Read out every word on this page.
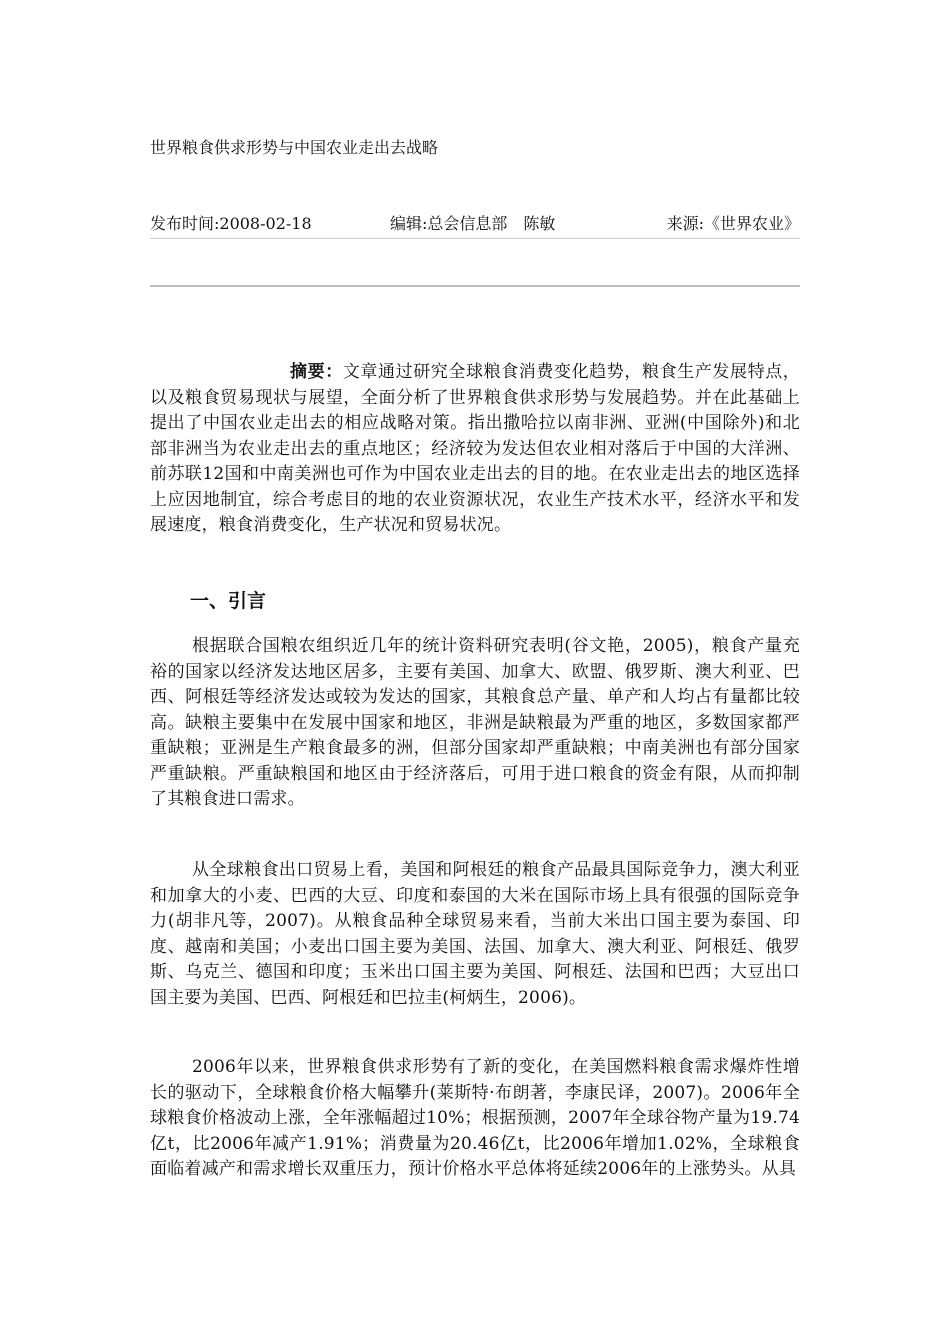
世界粮食供求形势与中国农业走出去战略
发布时间:2008-02-18	编辑:总会信息部　陈敏	来源:《世界农业》
摘要：文章通过研究全球粮食消费变化趋势，粮食生产发展特点，以及粮食贸易现状与展望，全面分析了世界粮食供求形势与发展趋势。并在此基础上提出了中国农业走出去的相应战略对策。指出撒哈拉以南非洲、亚洲(中国除外)和北部非洲当为农业走出去的重点地区；经济较为发达但农业相对落后于中国的大洋洲、前苏联12国和中南美洲也可作为中国农业走出去的目的地。在农业走出去的地区选择上应因地制宜，综合考虑目的地的农业资源状况，农业生产技术水平，经济水平和发展速度，粮食消费变化，生产状况和贸易状况。
一、引言
根据联合国粮农组织近几年的统计资料研究表明(谷文艳，2005)，粮食产量充裕的国家以经济发达地区居多，主要有美国、加拿大、欧盟、俄罗斯、澳大利亚、巴西、阿根廷等经济发达或较为发达的国家，其粮食总产量、单产和人均占有量都比较高。缺粮主要集中在发展中国家和地区，非洲是缺粮最为严重的地区，多数国家都严重缺粮；亚洲是生产粮食最多的洲，但部分国家却严重缺粮；中南美洲也有部分国家严重缺粮。严重缺粮国和地区由于经济落后，可用于进口粮食的资金有限，从而抑制了其粮食进口需求。
从全球粮食出口贸易上看，美国和阿根廷的粮食产品最具国际竞争力，澳大利亚和加拿大的小麦、巴西的大豆、印度和泰国的大米在国际市场上具有很强的国际竞争力(胡非凡等，2007)。从粮食品种全球贸易来看，当前大米出口国主要为泰国、印度、越南和美国；小麦出口国主要为美国、法国、加拿大、澳大利亚、阿根廷、俄罗斯、乌克兰、德国和印度；玉米出口国主要为美国、阿根廷、法国和巴西；大豆出口国主要为美国、巴西、阿根廷和巴拉圭(柯炳生，2006)。
2006年以来，世界粮食供求形势有了新的变化，在美国燃料粮食需求爆炸性增长的驱动下，全球粮食价格大幅攀升(莱斯特·布朗著，李康民译，2007)。2006年全球粮食价格波动上涨，全年涨幅超过10%；根据预测，2007年全球谷物产量为19.74亿t，比2006年减产1.91%；消费量为20.46亿t，比2006年增加1.02%，全球粮食面临着减产和需求增长双重压力，预计价格水平总体将延续2006年的上涨势头。从具
